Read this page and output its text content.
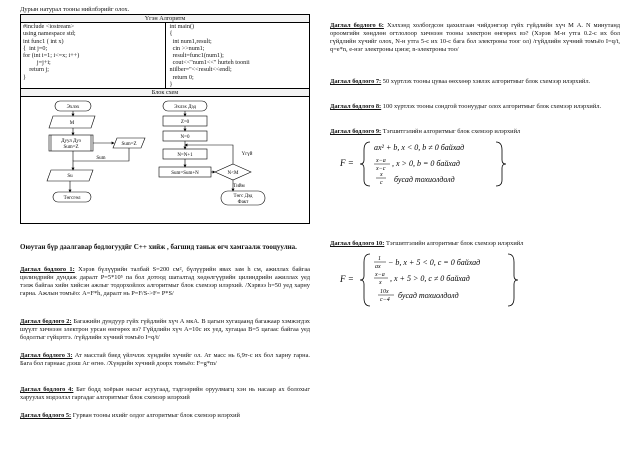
Дурын натурал тооны нийлбэрийг олох.
Үгэн Алгоритм

#include <iostream>
using namespace std;
int func1 ( int x)
{  int j=0;
for (int i=1; i<=x; i++)
j=j+i;
return j;
}

int main()
{
int num1,result;
cin >>num1;
result=func1(num1);
cout<<"num1<<" hurteh toonii
niilber="<<result<<endl;
return 0;
}

Блок схем

Эхлэх
M
Дуул Дуз
Sum=Z
Sum=Z
Sum
Su
Төгсгөл
Эхлэх Дэд
Z=0
N=0
N=N+1
Sum=Sum+N	N<M
Үгүй
Тийм
Төгс Дэд
Факт
Оюутан бүр даалгавар бодлогуудйг C++ хийж , багшид таньж өгч хамгаалж тооцуулна.
Даглал бодлого 1: Хэрэв бүлүүрийн талбай S=200 см², бүлүүрийн явах зам h см, ажиллах байгаа цилиндрийн дундаж даралт P=5*10⁵ па бол дотоод шаталтад хөдөлгүүрийн цилиндрийн ажиллах уед тэлж байгаа хийн хийсэн ажлыг тодорхойлох алгоритмыг блок схемээр илэрхий. /Хэрвээ h=50 уед харну гарна. Ажлын томъёо: А=F*h, даралт нь P=F/S->F= P*S/
Даглал бодлого 2: Багажийн дундуур гүйх гүйдлийн хүч А мкА. В цагын хугацаанд багажаар хэмжэгдэх шүүлт хичнээн электрон урсан өнгөрөх вэ? Гүйдлийн хүч А=10с их уед, хугацаа В=5 цагаас байгаа уед бодолтыг гүйцэтгэ. /гүйдлийн хүчний томъёо I=q/t/
Даглал бодлого 3: Ат масстай биед үйлчлэх хүндийн хүчийг ол. Ат масс нь 6,9т-с их бол харну гарна. Бага бол гарнаас дээш Аг өгнө. /Хүндийн хүчний доорх томъёо: F=g*m/
Даглал бодлого 4: Бат бодд хоёрын насыг асуугаад, тэдгээрийн оруулмагц хэн нь насаар ах болохыг харуулах мэдээлэл гаргадаг алгоритмыг блок схемээр илэрхий
Даглал бодлого 5: Гурван тооны ихийг олдог алгоритмыг блок схемээр илэрхий
Даглал бодлого 6: Хэлхэнд холбогдсон цахилгаан чийдэнгээр гүйх гүйдлийн хүч М А. N минутанд ороомгийн хөндлөн огтлолоор хичнээн тооны электрон өнгөрөх вэ? (Хэрэв М-н утга 0.2-с их бол гүйдлийн хүчийг олох, N-н утга 5-с их 10-с бага бол электроны тоог ол) /гүйдлийн хүчний томъёо I=q/t, q=e*n, e-нэг электроны цэнэг, n-электроны тоо/
Даглал бодлого 7: 50 хүртлэх тооны цуваа өөххөөр хэвлэх алгоритмыг блок схемээр илэрхийл.
Даглал бодлого 8: 100 хүртлэх тооны сондгой тоонуудыг олох алгоритмыг блок схемээр илэрхийл.
Даглал бодлого 9: Тэгшитгэлийн алгоритмыг блок схемээр илэрхийл
F =
ax² + b, x < 0, b ≠ 0 байхад
x−a
x−c
, x > 0, b = 0 байхад
x
c бусад тохиолдолд
Даглал бодлого 10: Тэгшитгэлийн алгоритмыг блок схемээр илэрхийл
F =
1
ax − b, x + 5 < 0, c = 0 байхад
x−a
x , x + 5 > 0, c ≠ 0 байхад
10x
c−4 бусад тохиолдолд
